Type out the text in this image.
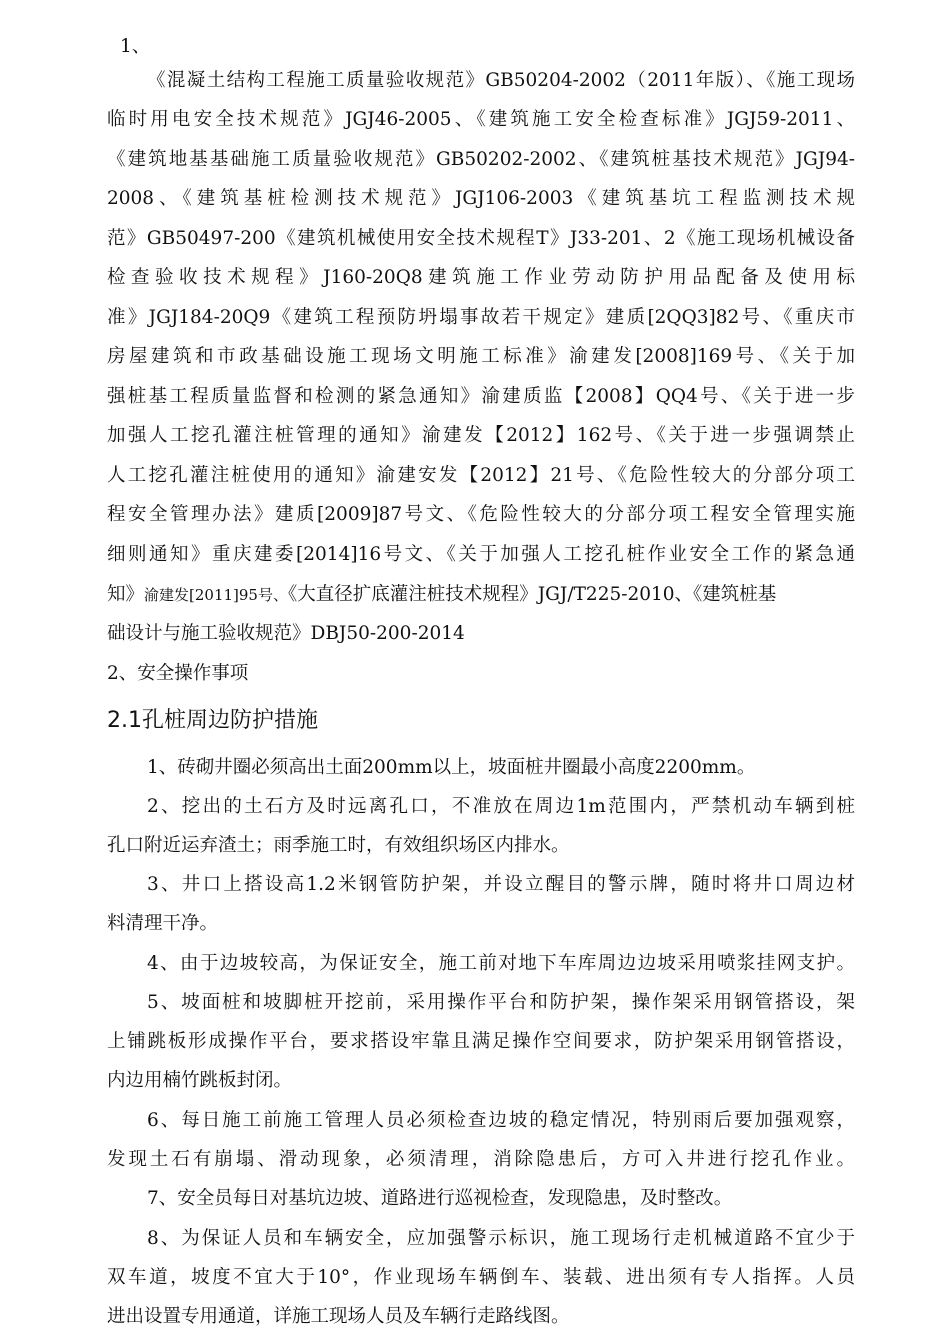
1、
《混凝土结构工程施工质量验收规范》GB50204-2002（2011年版）、《施工现场
临时用电安全技术规范》JGJ46-2005、《建筑施工安全检查标准》JGJ59-2011、
《建筑地基基础施工质量验收规范》GB50202-2002、《建筑桩基技术规范》JGJ94-
2008、《建筑基桩检测技术规范》JGJ106-2003《建筑基坑工程监测技术规
范》GB50497-200《建筑机械使用安全技术规程T》J33-201、2《施工现场机械设备
检查验收技术规程》J160-20Q8建筑施工作业劳动防护用品配备及使用标
准》JGJ184-20Q9《建筑工程预防坍塌事故若干规定》建质[2QQ3]82号、《重庆市
房屋建筑和市政基础设施工现场文明施工标准》渝建发[2008]169号、《关于加
强桩基工程质量监督和检测的紧急通知》渝建质监【2008】QQ4号、《关于进一步
加强人工挖孔灌注桩管理的通知》渝建发【2012】162号、《关于进一步强调禁止
人工挖孔灌注桩使用的通知》渝建安发【2012】21号、《危险性较大的分部分项工
程安全管理办法》建质[2009]87号文、《危险性较大的分部分项工程安全管理实施
细则通知》重庆建委[2014]16号文、《关于加强人工挖孔桩作业安全工作的紧急通
知》渝建发[2011]95号、《大直径扩底灌注桩技术规程》JGJ/T225-2010、《建筑桩基
础设计与施工验收规范》DBJ50-200-2014
2、安全操作事项
2.1孔桩周边防护措施
1、砖砌井圈必须高出土面200mm以上，坡面桩井圈最小高度2200mm。
2、挖出的土石方及时远离孔口，不准放在周边1m范围内，严禁机动车辆到桩
孔口附近运弃渣土；雨季施工时，有效组织场区内排水。
3、井口上搭设高1.2米钢管防护架，并设立醒目的警示牌，随时将井口周边材
料清理干净。
4、由于边坡较高，为保证安全，施工前对地下车库周边边坡采用喷浆挂网支护。
5、坡面桩和坡脚桩开挖前，采用操作平台和防护架，操作架采用钢管搭设，架
上铺跳板形成操作平台，要求搭设牢靠且满足操作空间要求，防护架采用钢管搭设，
内边用楠竹跳板封闭。
6、每日施工前施工管理人员必须检查边坡的稳定情况，特别雨后要加强观察，
发现土石有崩塌、滑动现象，必须清理，消除隐患后，方可入井进行挖孔作业。
7、安全员每日对基坑边坡、道路进行巡视检查，发现隐患，及时整改。
8、为保证人员和车辆安全，应加强警示标识，施工现场行走机械道路不宜少于
双车道，坡度不宜大于10°，作业现场车辆倒车、装载、进出须有专人指挥。人员
进出设置专用通道，详施工现场人员及车辆行走路线图。
